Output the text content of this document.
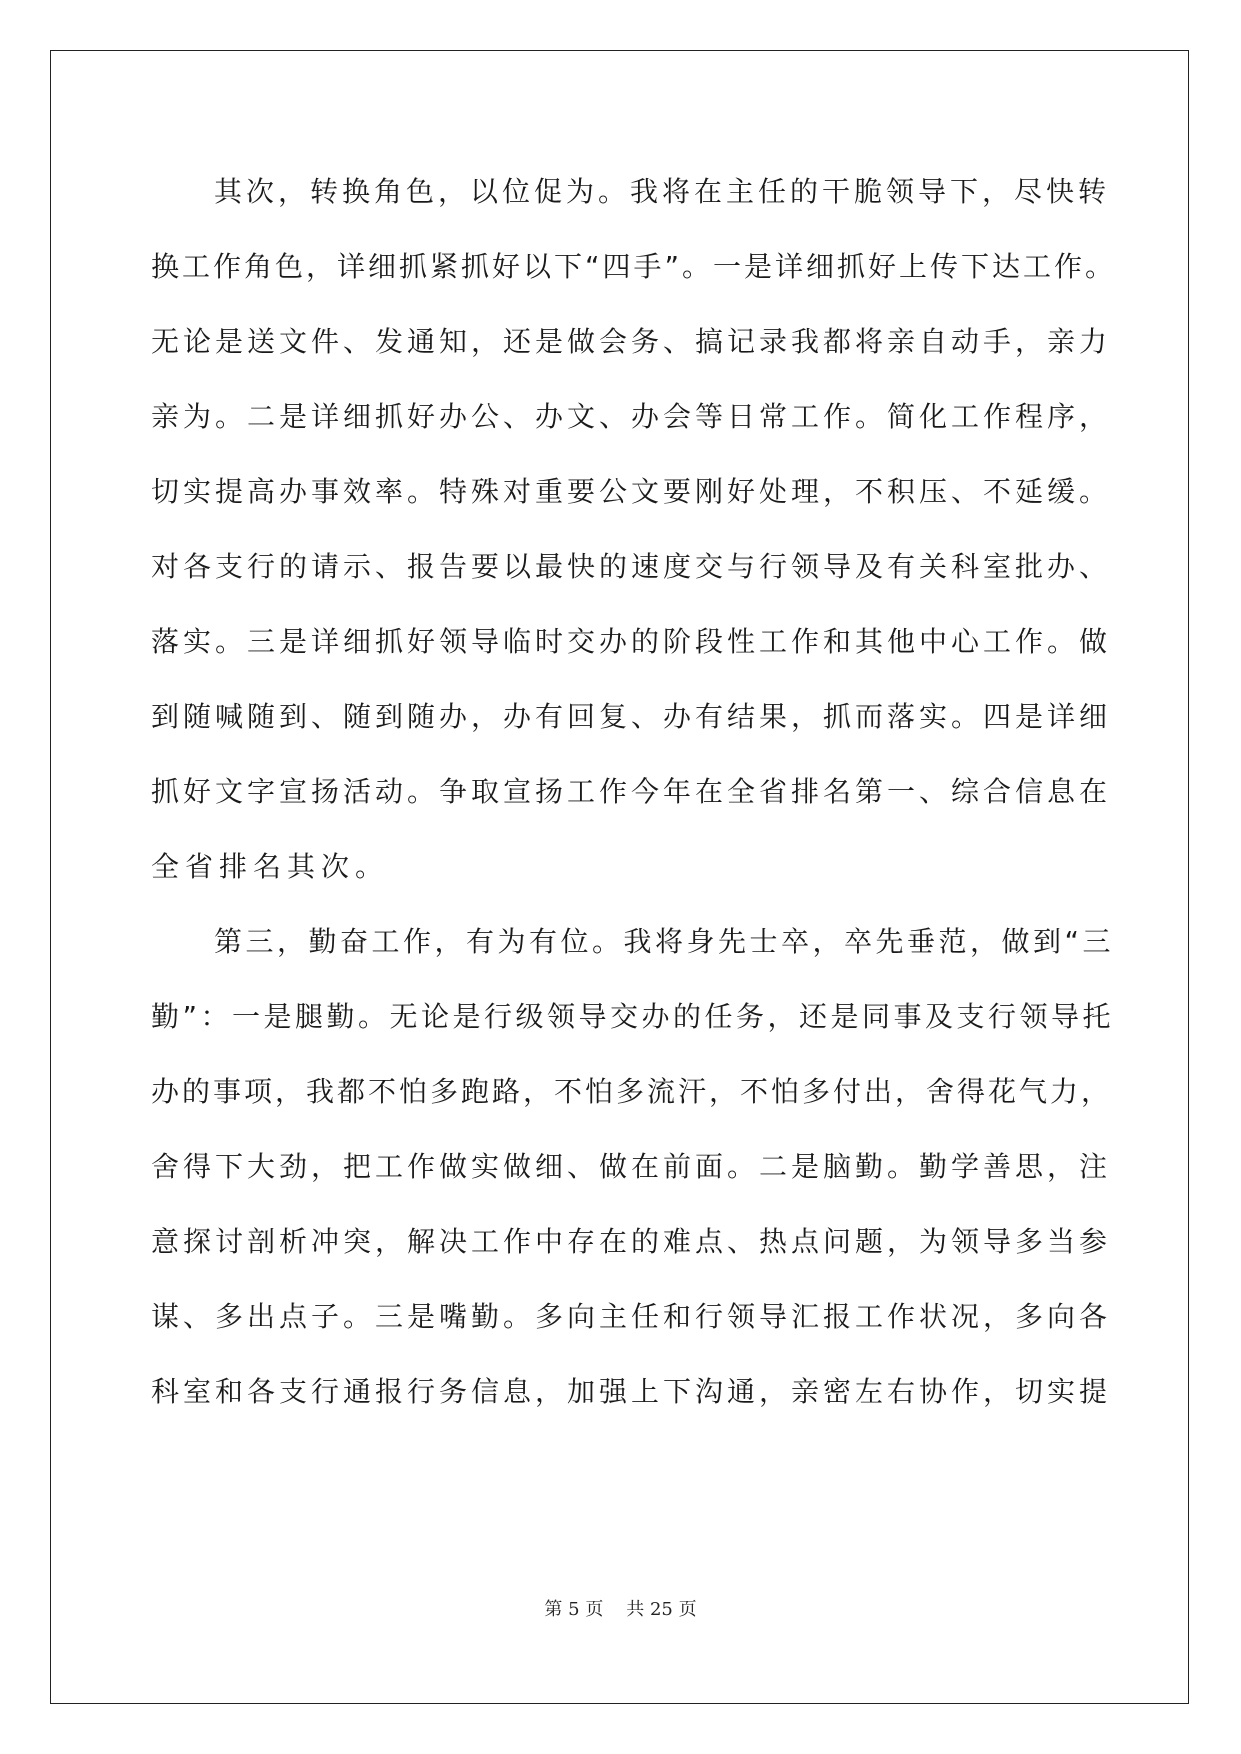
其次，转换角色，以位促为。我将在主任的干脆领导下，尽快转
换工作角色，详细抓紧抓好以下“四手”。一是详细抓好上传下达工作。
无论是送文件、发通知，还是做会务、搞记录我都将亲自动手，亲力
亲为。二是详细抓好办公、办文、办会等日常工作。简化工作程序，
切实提高办事效率。特殊对重要公文要刚好处理，不积压、不延缓。
对各支行的请示、报告要以最快的速度交与行领导及有关科室批办、
落实。三是详细抓好领导临时交办的阶段性工作和其他中心工作。做
到随喊随到、随到随办，办有回复、办有结果，抓而落实。四是详细
抓好文字宣扬活动。争取宣扬工作今年在全省排名第一、综合信息在
全省排名其次。
第三，勤奋工作，有为有位。我将身先士卒，卒先垂范，做到“三
勤”：一是腿勤。无论是行级领导交办的任务，还是同事及支行领导托
办的事项，我都不怕多跑路，不怕多流汗，不怕多付出，舍得花气力，
舍得下大劲，把工作做实做细、做在前面。二是脑勤。勤学善思，注
意探讨剖析冲突，解决工作中存在的难点、热点问题，为领导多当参
谋、多出点子。三是嘴勤。多向主任和行领导汇报工作状况，多向各
科室和各支行通报行务信息，加强上下沟通，亲密左右协作，切实提
第 5 页 共 25 页
